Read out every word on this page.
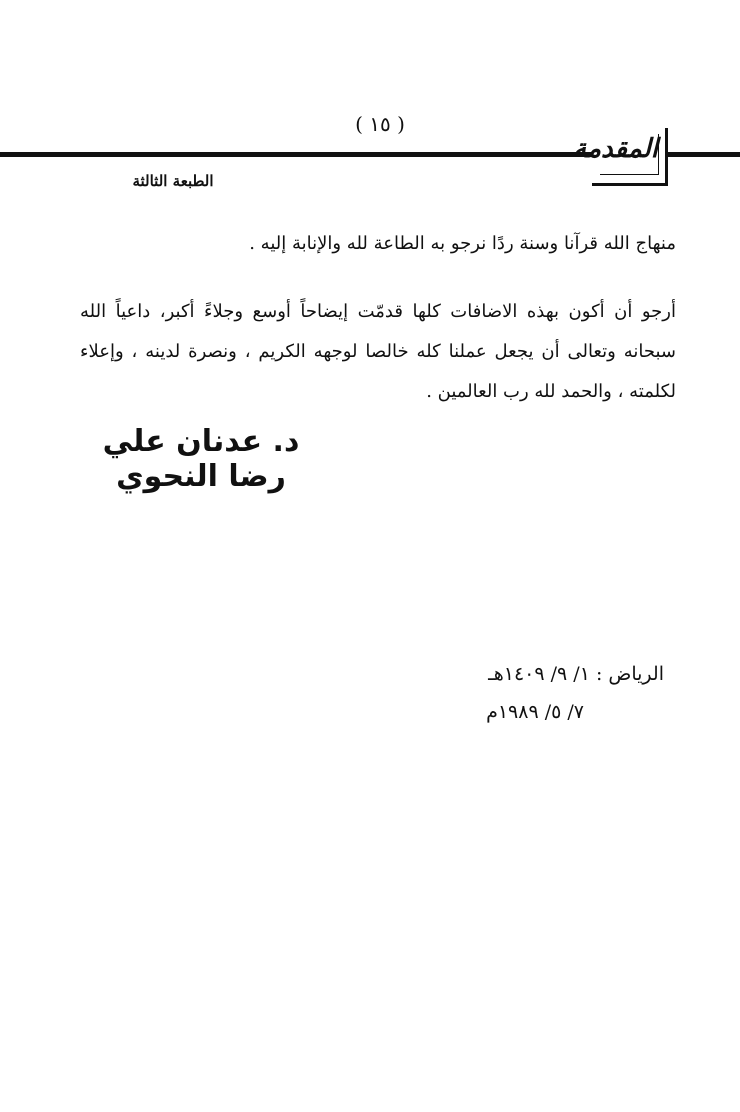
( ١٥ )
المقدمة
الطبعة الثالثة
منهاج الله قرآنا وسنة ردًا نرجو به الطاعة لله والإنابة إليه .
أرجو أن أكون بهذه الاضافات كلها قدمّت إيضاحاً أوسع وجلاءً أكبر، داعياً الله سبحانه وتعالى أن يجعل عملنا كله خالصا لوجهه الكريم ، ونصرة لدينه ، وإعلاء لكلمته ، والحمد لله رب العالمين .
د. عدنان علي رضا النحوي
الرياض : ١/ ٩/ ١٤٠٩هـ
٧/ ٥/ ١٩٨٩م
